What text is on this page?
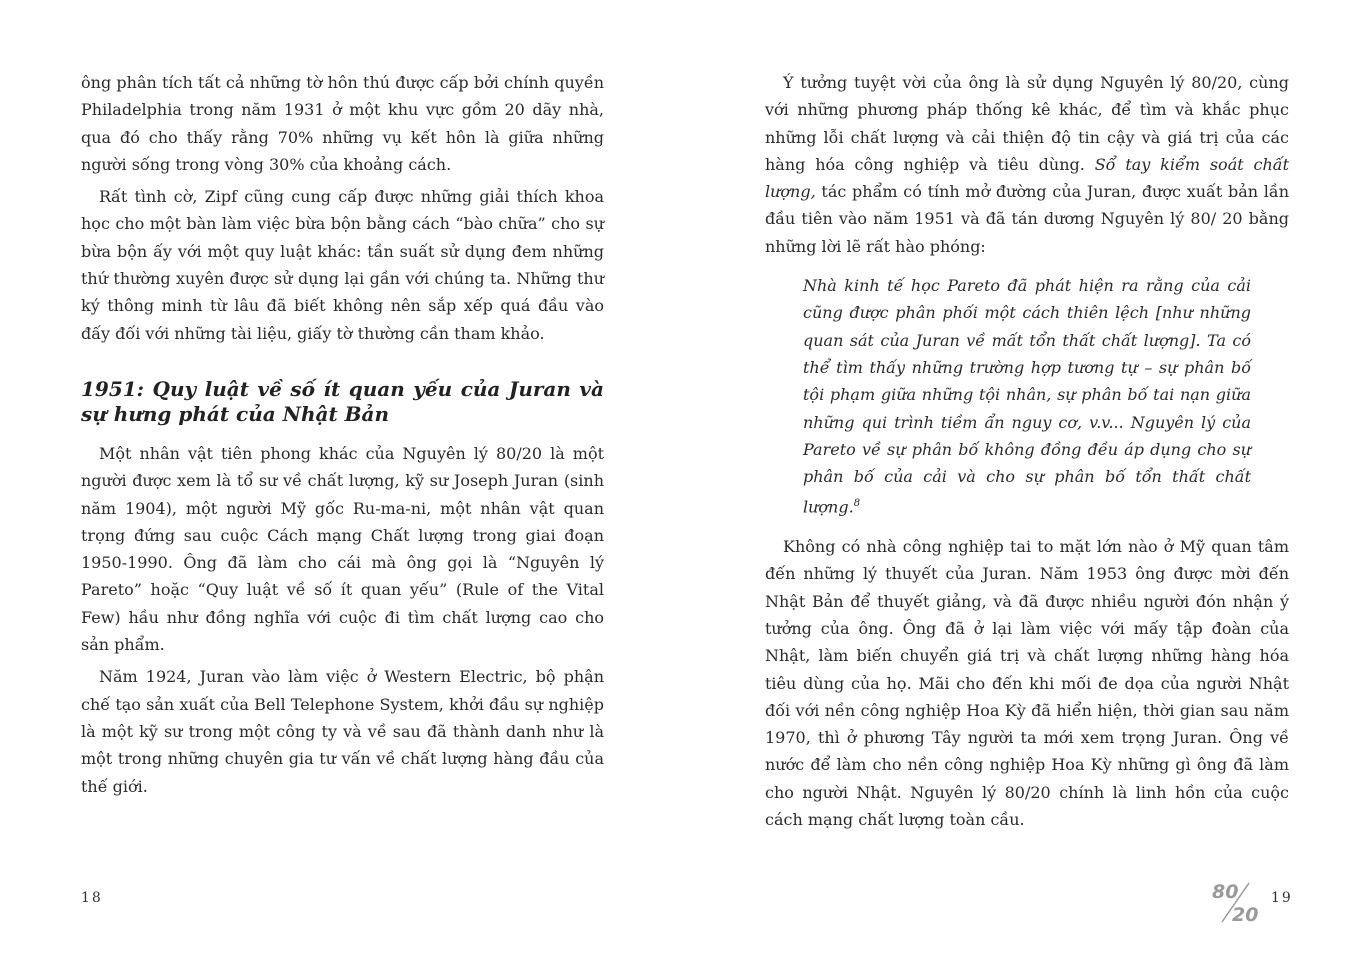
ông phân tích tất cả những tờ hôn thú được cấp bởi chính quyền Philadelphia trong năm 1931 ở một khu vực gồm 20 dãy nhà, qua đó cho thấy rằng 70% những vụ kết hôn là giữa những người sống trong vòng 30% của khoảng cách.

Rất tình cờ, Zipf cũng cung cấp được những giải thích khoa học cho một bàn làm việc bừa bộn bằng cách “bào chữa” cho sự bừa bộn ấy với một quy luật khác: tần suất sử dụng đem những thứ thường xuyên được sử dụng lại gần với chúng ta. Những thư ký thông minh từ lâu đã biết không nên sắp xếp quá đầu vào đấy đối với những tài liệu, giấy tờ thường cần tham khảo.

1951: Quy luật về số ít quan yếu của Juran và sự hưng phát của Nhật Bản

Một nhân vật tiên phong khác của Nguyên lý 80/20 là một người được xem là tổ sư về chất lượng, kỹ sư Joseph Juran (sinh năm 1904), một người Mỹ gốc Ru-ma-ni, một nhân vật quan trọng đứng sau cuộc Cách mạng Chất lượng trong giai đoạn 1950-1990. Ông đã làm cho cái mà ông gọi là “Nguyên lý Pareto” hoặc “Quy luật về số ít quan yếu” (Rule of the Vital Few) hầu như đồng nghĩa với cuộc đi tìm chất lượng cao cho sản phẩm.

Năm 1924, Juran vào làm việc ở Western Electric, bộ phận chế tạo sản xuất của Bell Telephone System, khởi đầu sự nghiệp là một kỹ sư trong một công ty và về sau đã thành danh như là một trong những chuyên gia tư vấn về chất lượng hàng đầu của thế giới.

18

Ý tưởng tuyệt vời của ông là sử dụng Nguyên lý 80/20, cùng với những phương pháp thống kê khác, để tìm và khắc phục những lỗi chất lượng và cải thiện độ tin cậy và giá trị của các hàng hóa công nghiệp và tiêu dùng. Sổ tay kiểm soát chất lượng, tác phẩm có tính mở đường của Juran, được xuất bản lần đầu tiên vào năm 1951 và đã tán dương Nguyên lý 80/ 20 bằng những lời lẽ rất hào phóng:

Nhà kinh tế học Pareto đã phát hiện ra rằng của cải cũng được phân phối một cách thiên lệch [như những quan sát của Juran về mất tổn thất chất lượng]. Ta có thể tìm thấy những trường hợp tương tự – sự phân bố tội phạm giữa những tội nhân, sự phân bố tai nạn giữa những qui trình tiềm ẩn nguy cơ, v.v... Nguyên lý của Pareto về sự phân bố không đồng đều áp dụng cho sự phân bố của cải và cho sự phân bố tổn thất chất lượng.$^8$

Không có nhà công nghiệp tai to mặt lớn nào ở Mỹ quan tâm đến những lý thuyết của Juran. Năm 1953 ông được mời đến Nhật Bản để thuyết giảng, và đã được nhiều người đón nhận ý tưởng của ông. Ông đã ở lại làm việc với mấy tập đoàn của Nhật, làm biến chuyển giá trị và chất lượng những hàng hóa tiêu dùng của họ. Mãi cho đến khi mối đe dọa của người Nhật đối với nền công nghiệp Hoa Kỳ đã hiển hiện, thời gian sau năm 1970, thì ở phương Tây người ta mới xem trọng Juran. Ông về nước để làm cho nền công nghiệp Hoa Kỳ những gì ông đã làm cho người Nhật. Nguyên lý 80/20 chính là linh hồn của cuộc cách mạng chất lượng toàn cầu.

80
20
19
